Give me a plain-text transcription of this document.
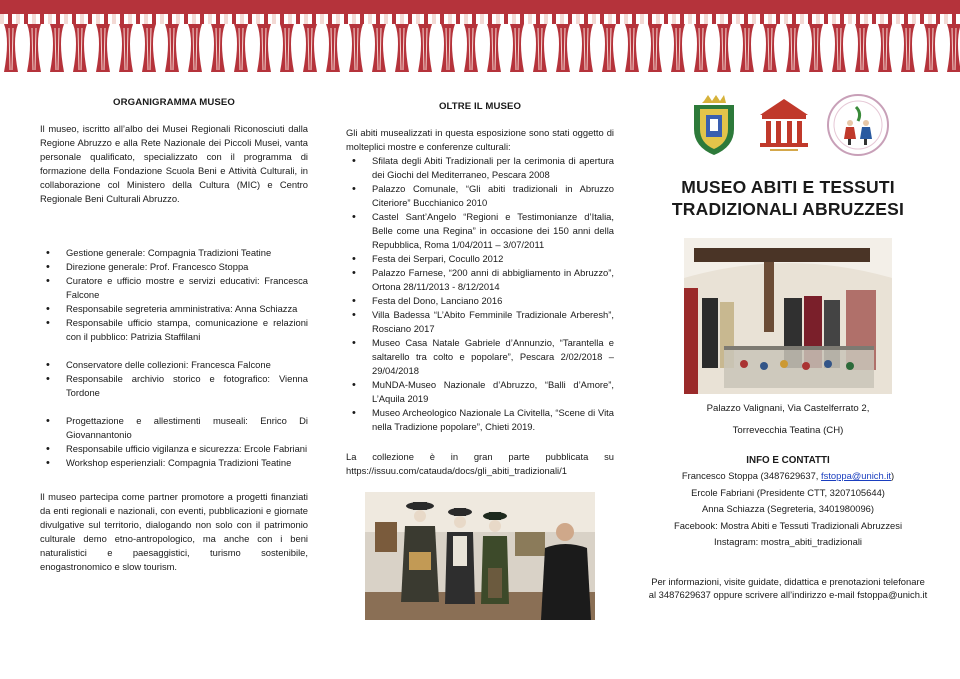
ORGANIGRAMMA MUSEO

Il museo, iscritto all’albo dei Musei Regionali Riconosciuti dalla Regione Abruzzo e alla Rete Nazionale dei Piccoli Musei, vanta personale qualificato, specializzato con il programma di formazione della Fondazione Scuola Beni e Attività Culturali, in collaborazione col Ministero della Cultura (MIC) e Centro Regionale Beni Culturali Abruzzo.

• Gestione generale: Compagnia Tradizioni Teatine
• Direzione generale: Prof. Francesco Stoppa
• Curatore e ufficio mostre e servizi educativi: Francesca Falcone
• Responsabile segreteria amministrativa: Anna Schiazza
• Responsabile ufficio stampa, comunicazione e relazioni con il pubblico: Patrizia Staffilani
• Conservatore delle collezioni: Francesca Falcone
• Responsabile archivio storico e fotografico: Vienna Tordone
• Progettazione e allestimenti museali: Enrico Di Giovannantonio
• Responsabile ufficio vigilanza e sicurezza: Ercole Fabriani
• Workshop esperienziali: Compagnia Tradizioni Teatine

Il museo partecipa come partner promotore a progetti finanziati da enti regionali e nazionali, con eventi, pubblicazioni e giornate divulgative sul territorio, dialogando non solo con il patrimonio culturale demo etno-antropologico, ma anche con i beni naturalistici e paesaggistici, turismo sostenibile, enogastronomico e slow tourism.

OLTRE IL MUSEO

Gli abiti musealizzati in questa esposizione sono stati oggetto di molteplici mostre e conferenze culturali:

• Sfilata degli Abiti Tradizionali per la cerimonia di apertura dei Giochi del Mediterraneo, Pescara 2008
• Palazzo Comunale, “Gli abiti tradizionali in Abruzzo Citeriore” Bucchianico 2010
• Castel Sant’Angelo “Regioni e Testimonianze d’Italia, Belle come una Regina” in occasione dei 150 anni della Repubblica, Roma 1/04/2011 – 3/07/2011
• Festa dei Serpari, Cocullo 2012
• Palazzo Farnese, “200 anni di abbigliamento in Abruzzo”, Ortona 28/11/2013 - 8/12/2014
• Festa del Dono, Lanciano 2016
• Villa Badessa “L’Abito Femminile Tradizionale Arberesh”, Rosciano 2017
• Museo Casa Natale Gabriele d’Annunzio, “Tarantella e saltarello tra colto e popolare”, Pescara 2/02/2018 – 29/04/2018
• MuNDA-Museo Nazionale d’Abruzzo, “Balli d’Amore”, L’Aquila 2019
• Museo Archeologico Nazionale La Civitella, “Scene di Vita nella Tradizione popolare”, Chieti 2019.

La collezione è in gran parte pubblicata su https://issuu.com/cataudа/docs/gli_abiti_tradizionali/1

MUSEO ABITI E TESSUTI
TRADIZIONALI ABRUZZESI
Palazzo Valignani, Via Castelferrato 2,
Torrevecchia Teatina (CH)
INFO E CONTATTI
Francesco Stoppa (3487629637, fstoppa@unich.it)
Ercole Fabriani (Presidente CTT, 3207105644)
Anna Schiazza (Segreteria, 3401980096)
Facebook: Mostra Abiti e Tessuti Tradizionali Abruzzesi
Instagram: mostra_abiti_tradizionali

Per informazioni, visite guidate, didattica e prenotazioni telefonare al 3487629637 oppure scrivere all’indirizzo e-mail fstoppa@unich.it
